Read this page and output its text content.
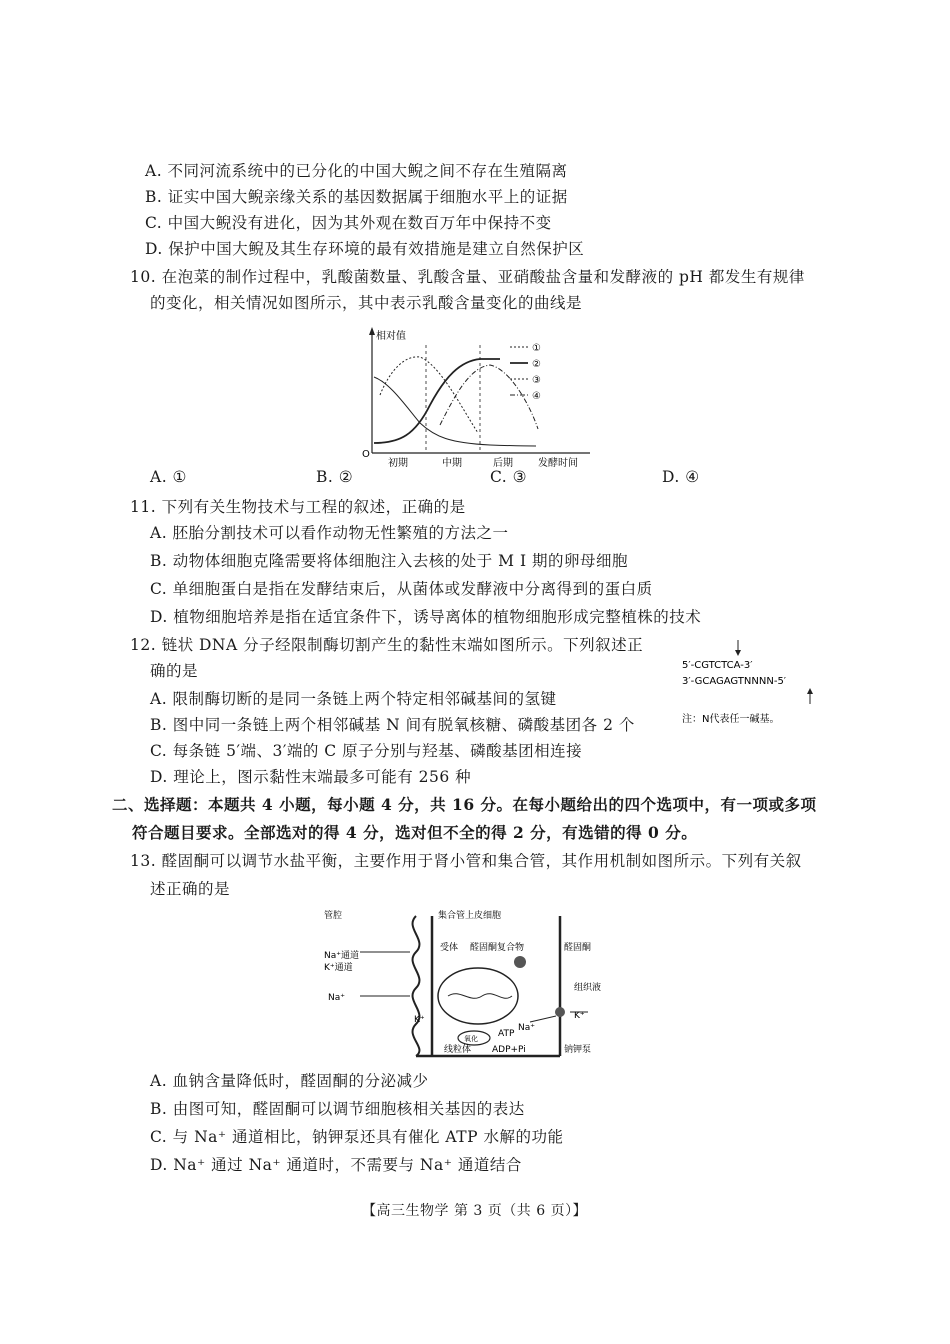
A. 不同河流系统中的已分化的中国大鲵之间不存在生殖隔离
B. 证实中国大鲵亲缘关系的基因数据属于细胞水平上的证据
C. 中国大鲵没有进化，因为其外观在数百万年中保持不变
D. 保护中国大鲵及其生存环境的最有效措施是建立自然保护区
10. 在泡菜的制作过程中，乳酸菌数量、乳酸含量、亚硝酸盐含量和发酵液的 pH 都发生有规律
的变化，相关情况如图所示，其中表示乳酸含量变化的曲线是
相对值
O
初期	中期	后期	发酵时间
①
②
③
④
A. ①	B. ②	C. ③	D. ④
11. 下列有关生物技术与工程的叙述，正确的是
A. 胚胎分割技术可以看作动物无性繁殖的方法之一
B. 动物体细胞克隆需要将体细胞注入去核的处于 M Ⅰ 期的卵母细胞
C. 单细胞蛋白是指在发酵结束后，从菌体或发酵液中分离得到的蛋白质
D. 植物细胞培养是指在适宜条件下，诱导离体的植物细胞形成完整植株的技术
12. 链状 DNA 分子经限制酶切割产生的黏性末端如图所示。下列叙述正
确的是
A. 限制酶切断的是同一条链上两个特定相邻碱基间的氢键
B. 图中同一条链上两个相邻碱基 N 间有脱氧核糖、磷酸基团各 2 个
C. 每条链 5′端、3′端的 C 原子分别与羟基、磷酸基团相连接
D. 理论上，图示黏性末端最多可能有 256 种
5′-CGTCTCA-3′
3′-GCAGAGTNNNN-5′
注：N代表任一碱基。
二、选择题：本题共 4 小题，每小题 4 分，共 16 分。在每小题给出的四个选项中，有一项或多项
符合题目要求。全部选对的得 4 分，选对但不全的得 2 分，有选错的得 0 分。
13. 醛固酮可以调节水盐平衡，主要作用于肾小管和集合管，其作用机制如图所示。下列有关叙
述正确的是
管腔	集合管上皮细胞
受体 醛固酮复合物	醛固酮
Na⁺通道
K⁺通道
Na⁺
K⁺
组织液
Na⁺
K⁺
ATP
氧化
线粒体 ADP+Pi	钠钾泵
A. 血钠含量降低时，醛固酮的分泌减少
B. 由图可知，醛固酮可以调节细胞核相关基因的表达
C. 与 Na⁺ 通道相比，钠钾泵还具有催化 ATP 水解的功能
D. Na⁺ 通过 Na⁺ 通道时，不需要与 Na⁺ 通道结合
【高三生物学 第 3 页（共 6 页）】
